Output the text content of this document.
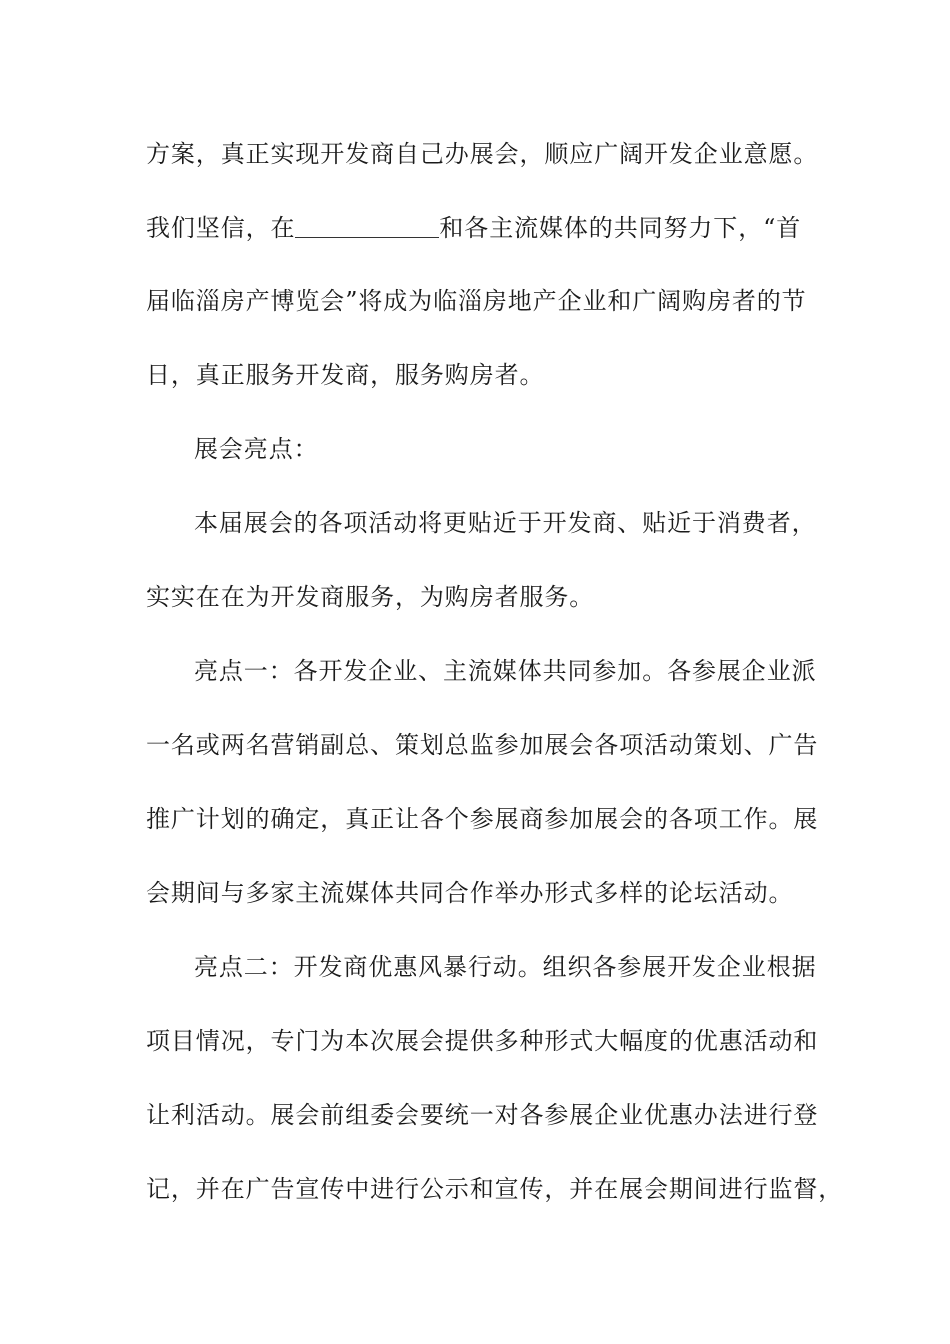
方案，真正实现开发商自己办展会，顺应广阔开发企业意愿。
我们坚信，在	和各主流媒体的共同努力下，“首
届临淄房产博览会”将成为临淄房地产企业和广阔购房者的节
日，真正服务开发商，服务购房者。
展会亮点：
本届展会的各项活动将更贴近于开发商、贴近于消费者，
实实在在为开发商服务，为购房者服务。
亮点一：各开发企业、主流媒体共同参加。各参展企业派
一名或两名营销副总、策划总监参加展会各项活动策划、广告
推广计划的确定，真正让各个参展商参加展会的各项工作。展
会期间与多家主流媒体共同合作举办形式多样的论坛活动。
亮点二：开发商优惠风暴行动。组织各参展开发企业根据
项目情况，专门为本次展会提供多种形式大幅度的优惠活动和
让利活动。展会前组委会要统一对各参展企业优惠办法进行登
记，并在广告宣传中进行公示和宣传，并在展会期间进行监督，
